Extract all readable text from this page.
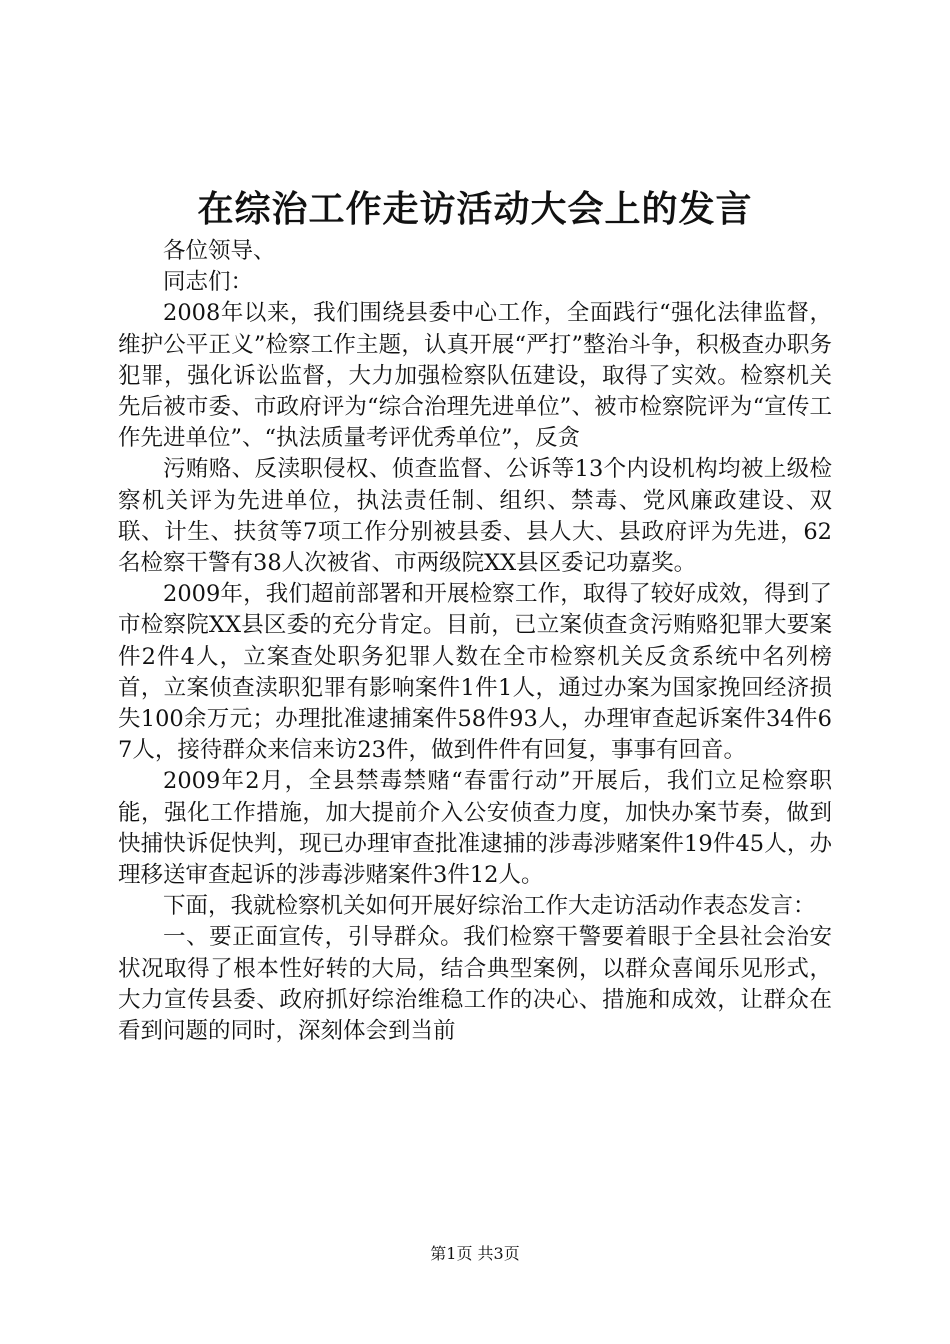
在综治工作走访活动大会上的发言

各位领导、

同志们：

2008年以来，我们围绕县委中心工作，全面践行“强化法律监督，维护公平正义”检察工作主题，认真开展“严打”整治斗争，积极查办职务犯罪，强化诉讼监督，大力加强检察队伍建设，取得了实效。检察机关先后被市委、市政府评为“综合治理先进单位”、被市检察院评为“宣传工作先进单位”、“执法质量考评优秀单位”，反贪

污贿赂、反渎职侵权、侦查监督、公诉等13个内设机构均被上级检察机关评为先进单位，执法责任制、组织、禁毒、党风廉政建设、双联、计生、扶贫等7项工作分别被县委、县人大、县政府评为先进，62名检察干警有38人次被省、市两级院XX县区委记功嘉奖。

2009年，我们超前部署和开展检察工作，取得了较好成效，得到了市检察院XX县区委的充分肯定。目前，已立案侦查贪污贿赂犯罪大要案件2件4人，立案查处职务犯罪人数在全市检察机关反贪系统中名列榜首，立案侦查渎职犯罪有影响案件1件1人，通过办案为国家挽回经济损失100余万元；办理批准逮捕案件58件93人，办理审查起诉案件34件67人，接待群众来信来访23件，做到件件有回复，事事有回音。

2009年2月，全县禁毒禁赌“春雷行动”开展后，我们立足检察职能，强化工作措施，加大提前介入公安侦查力度，加快办案节奏，做到快捕快诉促快判，现已办理审查批准逮捕的涉毒涉赌案件19件45人，办理移送审查起诉的涉毒涉赌案件3件12人。

下面，我就检察机关如何开展好综治工作大走访活动作表态发言：

一、要正面宣传，引导群众。我们检察干警要着眼于全县社会治安状况取得了根本性好转的大局，结合典型案例，以群众喜闻乐见形式，大力宣传县委、政府抓好综治维稳工作的决心、措施和成效，让群众在看到问题的同时，深刻体会到当前

第1页 共3页
